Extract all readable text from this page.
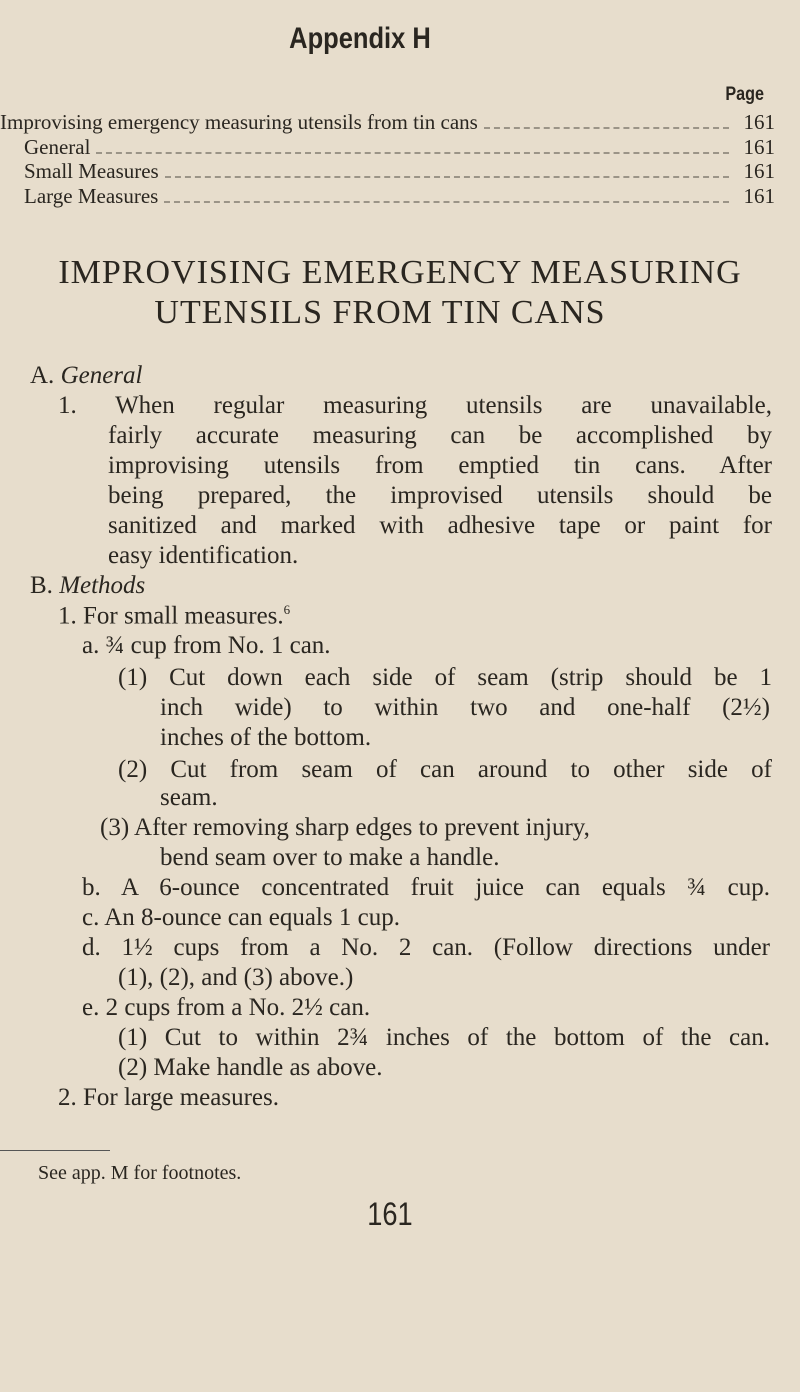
Appendix H
Page
Improvising emergency measuring utensils from tin cans	161
General	161
Small Measures	161
Large Measures	161
IMPROVISING EMERGENCY MEASURING
UTENSILS FROM TIN CANS
A. General
1. When regular measuring utensils are unavailable,
fairly accurate measuring can be accomplished by
improvising utensils from emptied tin cans. After
being prepared, the improvised utensils should be
sanitized and marked with adhesive tape or paint for
easy identification.
B. Methods
1. For small measures.$^6$
a. ¾ cup from No. 1 can.
(1) Cut down each side of seam (strip should be 1
inch wide) to within two and one-half (2½)
inches of the bottom.
(2) Cut from seam of can around to other side of
seam.
(3) After removing sharp edges to prevent injury,
bend seam over to make a handle.
b. A 6-ounce concentrated fruit juice can equals ¾ cup.
c. An 8-ounce can equals 1 cup.
d. 1½ cups from a No. 2 can. (Follow directions under
(1), (2), and (3) above.)
e. 2 cups from a No. 2½ can.
(1) Cut to within 2¾ inches of the bottom of the can.
(2) Make handle as above.
2. For large measures.
See app. M for footnotes.
161
